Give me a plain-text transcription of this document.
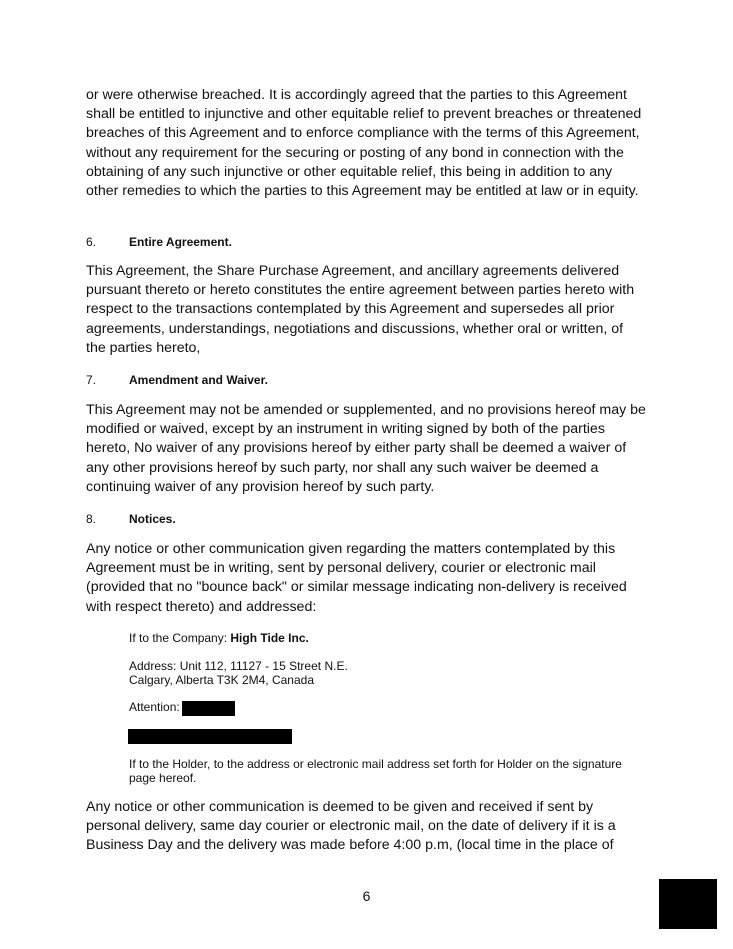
or were otherwise breached. It is accordingly agreed that the parties to this Agreement shall be entitled to injunctive and other equitable relief to prevent breaches or threatened breaches of this Agreement and to enforce compliance with the terms of this Agreement, without any requirement for the securing or posting of any bond in connection with the obtaining of any such injunctive or other equitable relief, this being in addition to any other remedies to which the parties to this Agreement may be entitled at law or in equity.

6.	Entire Agreement.

This Agreement, the Share Purchase Agreement, and ancillary agreements delivered pursuant thereto or hereto constitutes the entire agreement between parties hereto with respect to the transactions contemplated by this Agreement and supersedes all prior agreements, understandings, negotiations and discussions, whether oral or written, of the parties hereto,

7.	Amendment and Waiver.

This Agreement may not be amended or supplemented, and no provisions hereof may be modified or waived, except by an instrument in writing signed by both of the parties hereto, No waiver of any provisions hereof by either party shall be deemed a waiver of any other provisions hereof by such party, nor shall any such waiver be deemed a continuing waiver of any provision hereof by such party.

8.	Notices.

Any notice or other communication given regarding the matters contemplated by this Agreement must be in writing, sent by personal delivery, courier or electronic mail (provided that no "bounce back" or similar message indicating non-delivery is received with respect thereto) and addressed:

If to the Company: High Tide Inc.

Address: Unit 112, 11127 - 15 Street N.E.

Calgary, Alberta T3K 2M4, Canada

Attention:

If to the Holder, to the address or electronic mail address set forth for Holder on the signature page hereof.

Any notice or other communication is deemed to be given and received if sent by personal delivery, same day courier or electronic mail, on the date of delivery if it is a Business Day and the delivery was made before 4:00 p.m, (local time in the place of

6
